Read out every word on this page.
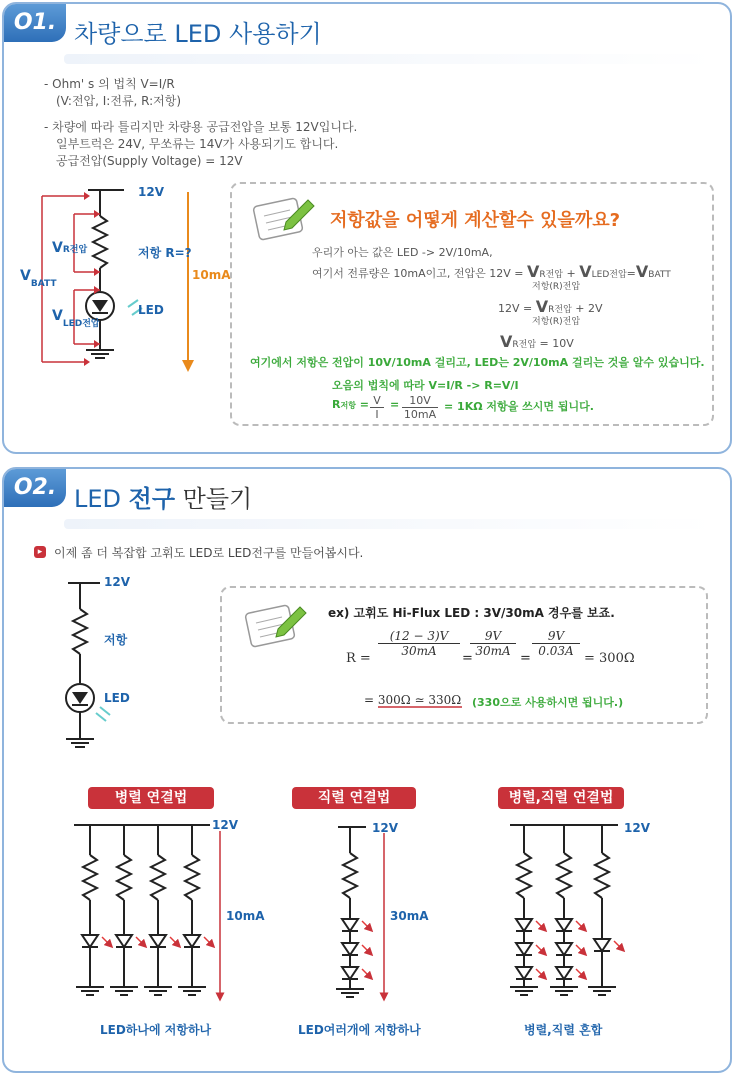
O1. 차량으로 LED 사용하기
- Ohm' s 의 법칙 V=I/R
(V:전압, I:전류, R:저항)
- 차량에 따라 틀리지만 차량용 공급전압을 보통 12V입니다.
일부트럭은 24V, 무쏘류는 14V가 사용되기도 합니다.
공급전압(Supply Voltage) = 12V
12V
저항 R=?
LED
10mA
VR전압
$V_{BATT}$
$V_{LED전압}$
저항값을 어떻게 계산할수 있을까요?
우리가 아는 값은 LED -> 2V/10mA,
여기서 전류량은 10mA이고, 전압은 12V = VR전압 + VLED전압=VBATT
저항(R)전압
12V = VR전압 + 2V
저항(R)전압
VR전압 = 10V
여기에서 저항은 전압이 10V/10mA 걸리고, LED는 2V/10mA 걸리는 것을 알수 있습니다.
오음의 법칙에 따라 V=I/R -> R=V/I
R저항 = V
I
= 10V
10mA
= 1KΩ 저항을 쓰시면 됩니다.
O2. LED 전구 만들기
▸ 이제 좀 더 복잡합 고휘도 LED로 LED전구를 만들어봅시다.
12V
저항
LED
ex) 고휘도 Hi-Flux LED : 3V/30mA 경우를 보죠.
R =
(12 − 3)V
30mA	=
9V
30mA =
9V
0.03A = 300Ω
= 300Ω ≃ 330Ω (330으로 사용하시면 됩니다.)
병렬 연결법	직렬 연결법	병렬,직렬 연결법
12V
10mA
LED하나에 저항하나
12V
30mA
LED여러개에 저항하나
12V
병렬,직렬 혼합
